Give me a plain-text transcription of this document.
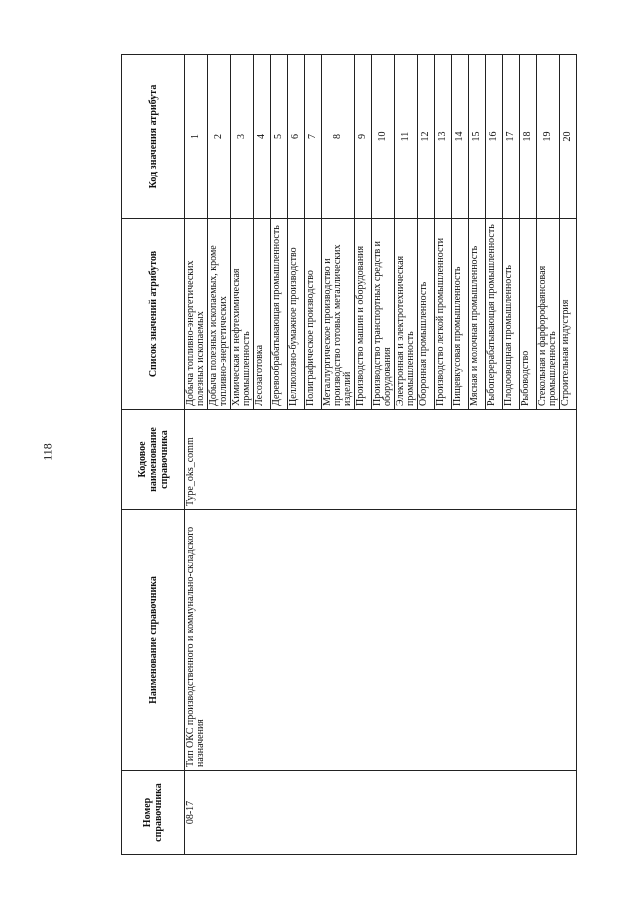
118
Номер справочника	Наименование справочника	Кодовое наименование справочника	Список значений атрибутов	Код значения атрибута
08-17	Тип ОКС производственного и коммунально-складского назначения	Type_oks_comm	Добыча топливно-энергетических полезных ископаемых	1
			Добыча полезных ископаемых, кроме топливно-энергетических	2
			Химическая и нефтехимическая промышленность	3
			Лесозаготовка	4
			Деревообрабатывающая промышленность	5
			Целлюлозно-бумажное производство	6
			Полиграфическое производство	7
			Металлургическое производство и производство готовых металлических изделий	8
			Производство машин и оборудования	9
			Производство транспортных средств и оборудования	10
			Электронная и электротехническая промышленность	11
			Оборонная промышленность	12
			Производство легкой промышленности	13
			Пищевкусовая промышленность	14
			Мясная и молочная промышленность	15
			Рыбоперерабатывающая промышленность	16
			Плодоовощная промышленность	17
			Рыбоводство	18
			Стекольная и фарфорофаянсовая промышленность	19
			Строительная индустрия	20
